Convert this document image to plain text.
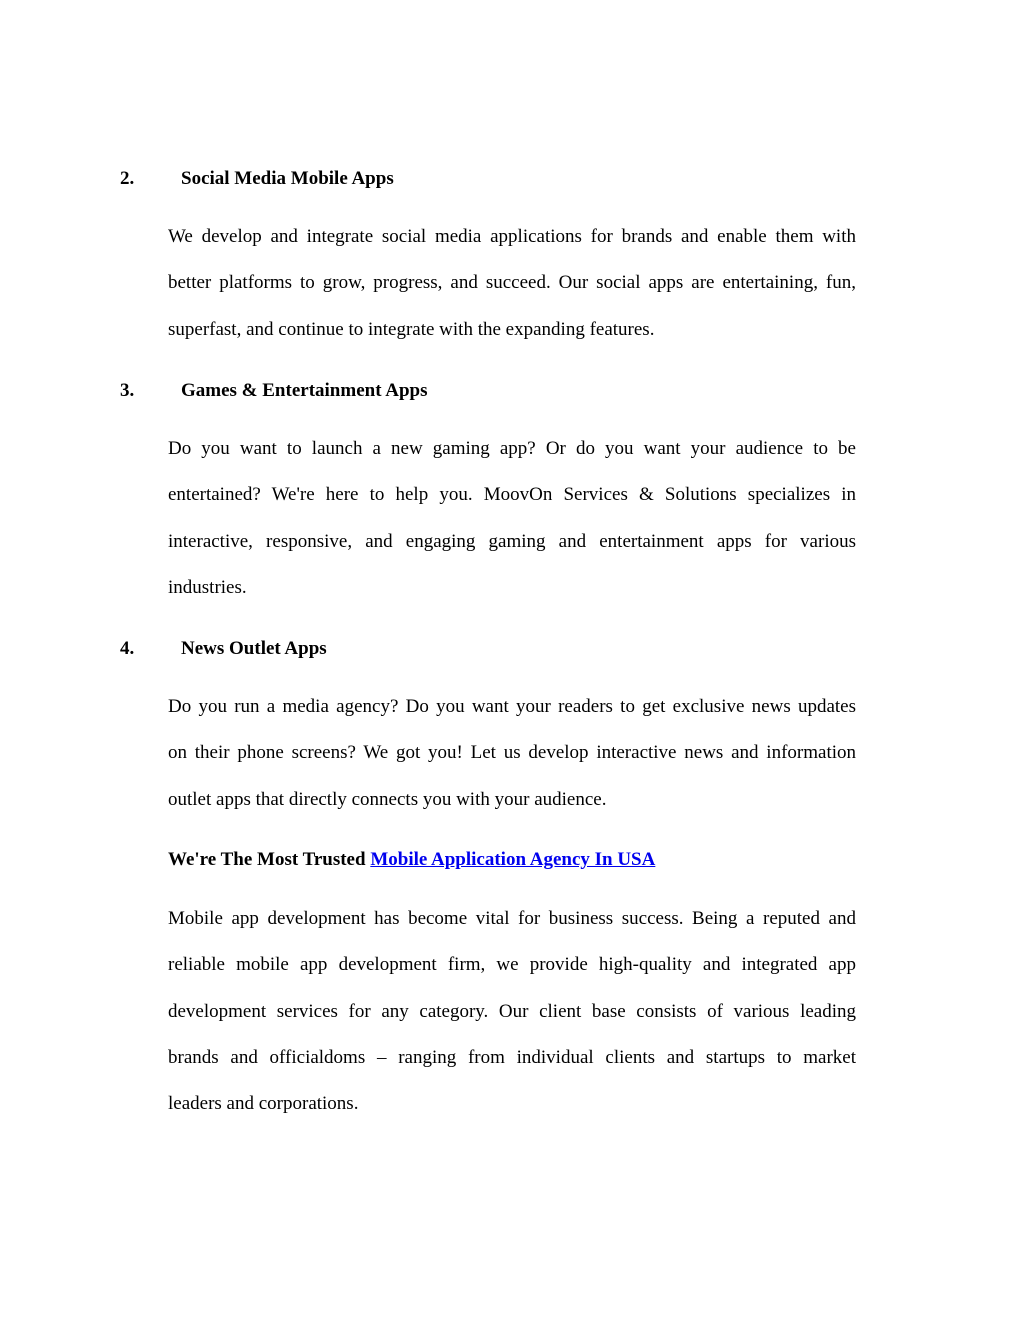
2. Social Media Mobile Apps
We develop and integrate social media applications for brands and enable them with
better platforms to grow, progress, and succeed. Our social apps are entertaining, fun,
superfast, and continue to integrate with the expanding features.
3. Games & Entertainment Apps
Do you want to launch a new gaming app? Or do you want your audience to be
entertained? We're here to help you. MoovOn Services & Solutions specializes in
interactive, responsive, and engaging gaming and entertainment apps for various
industries.
4. News Outlet Apps
Do you run a media agency? Do you want your readers to get exclusive news updates
on their phone screens? We got you! Let us develop interactive news and information
outlet apps that directly connects you with your audience.
We're The Most Trusted Mobile Application Agency In USA
Mobile app development has become vital for business success. Being a reputed and
reliable mobile app development firm, we provide high-quality and integrated app
development services for any category. Our client base consists of various leading
brands and officialdoms – ranging from individual clients and startups to market
leaders and corporations.
